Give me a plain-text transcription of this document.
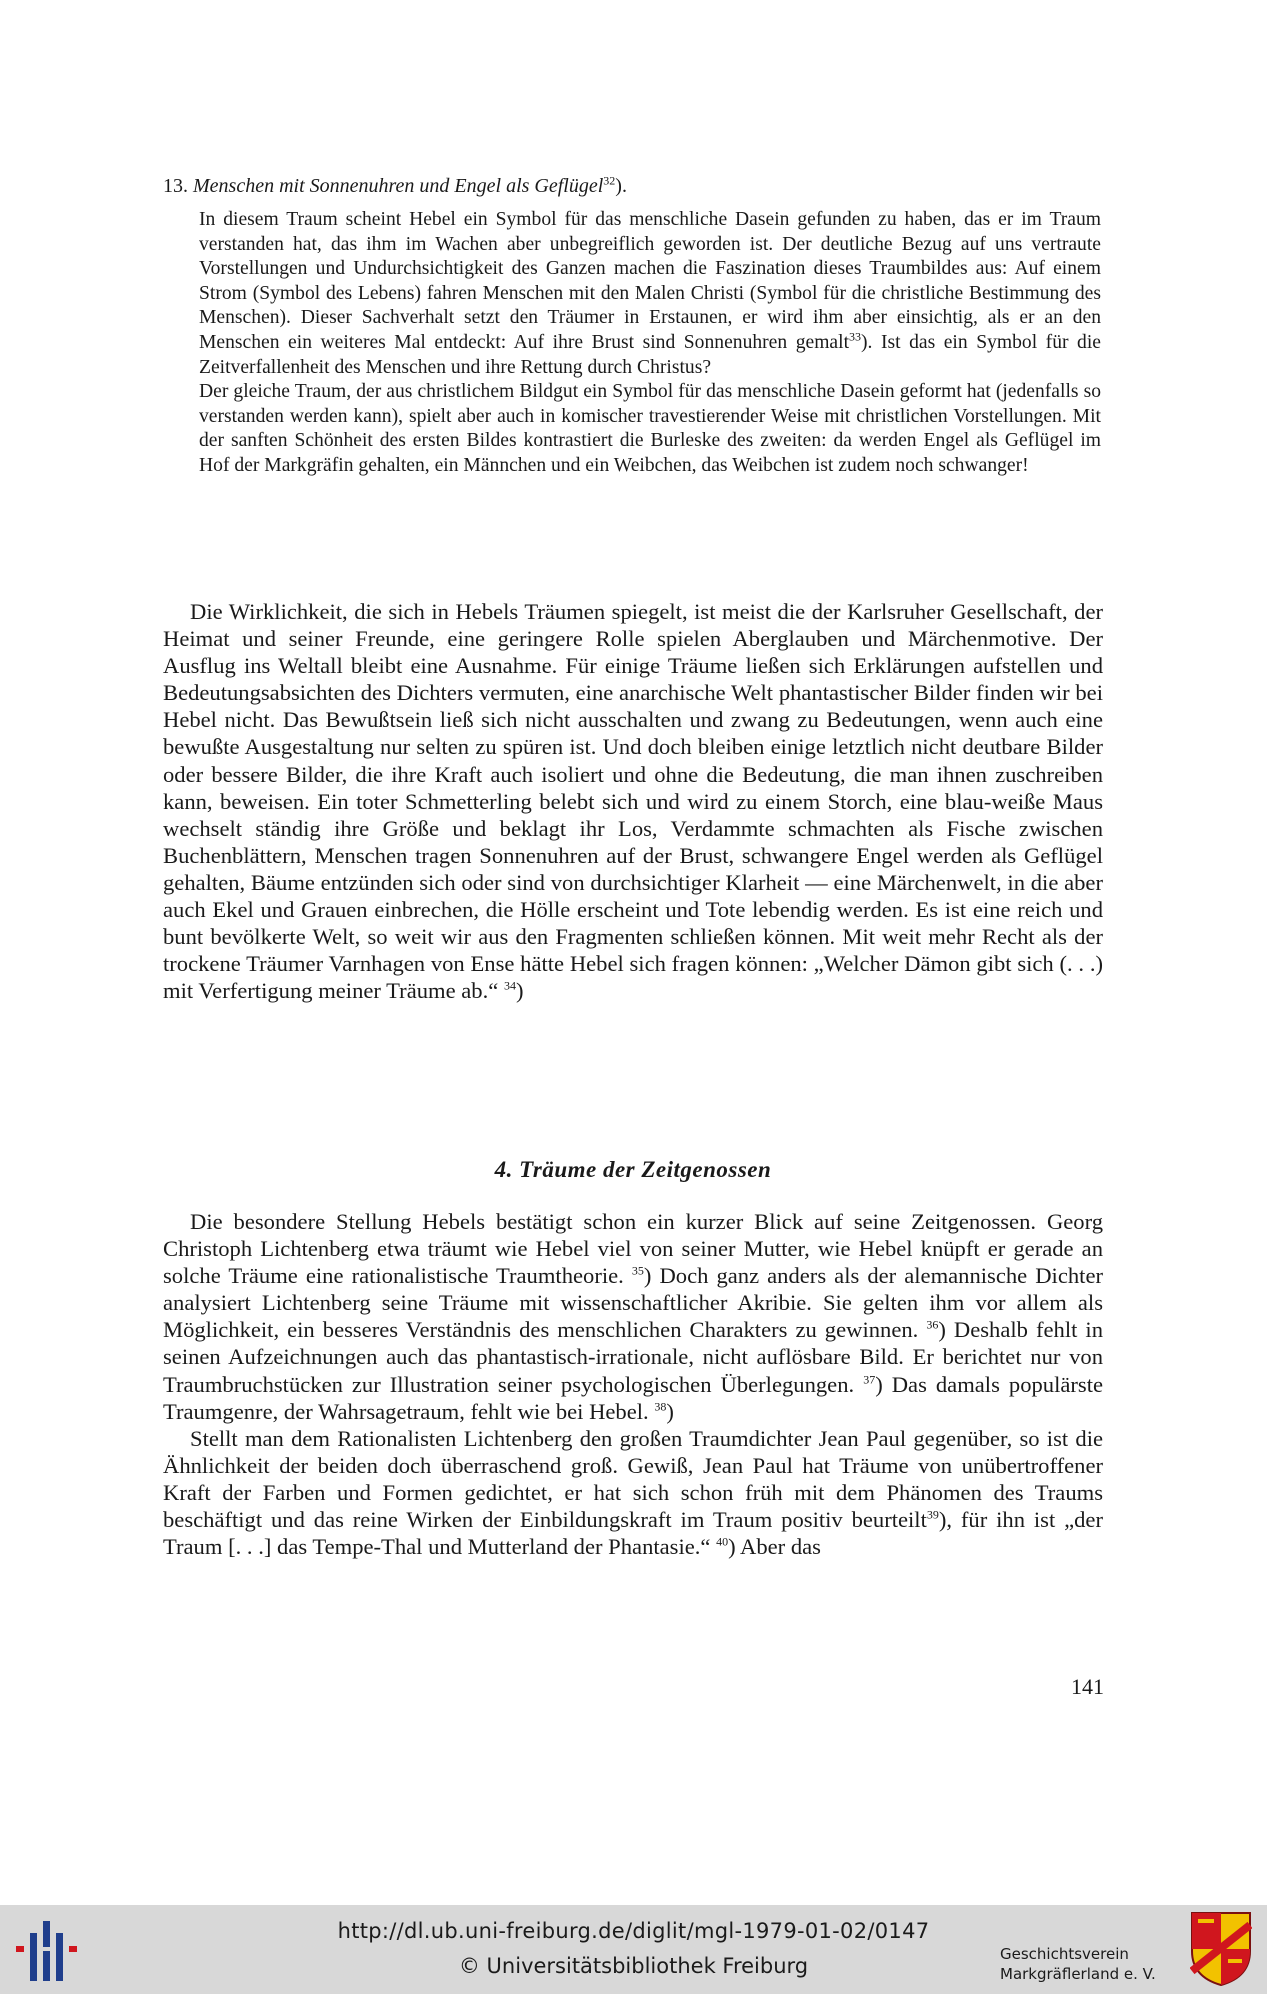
13. Menschen mit Sonnenuhren und Engel als Geflügel$^{32}$).

In diesem Traum scheint Hebel ein Symbol für das menschliche Dasein gefunden zu haben, das er im Traum verstanden hat, das ihm im Wachen aber unbegreiflich geworden ist. Der deutliche Bezug auf uns vertraute Vorstellungen und Undurchsichtigkeit des Ganzen machen die Faszination dieses Traumbildes aus: Auf einem Strom (Symbol des Lebens) fahren Menschen mit den Malen Christi (Symbol für die christliche Bestimmung des Menschen). Dieser Sachverhalt setzt den Träumer in Erstaunen, er wird ihm aber einsichtig, als er an den Menschen ein weiteres Mal entdeckt: Auf ihre Brust sind Sonnenuhren gemalt$^{33}$). Ist das ein Symbol für die Zeitverfallenheit des Menschen und ihre Rettung durch Christus?

Der gleiche Traum, der aus christlichem Bildgut ein Symbol für das menschliche Dasein geformt hat (jedenfalls so verstanden werden kann), spielt aber auch in komischer travestierender Weise mit christlichen Vorstellungen. Mit der sanften Schönheit des ersten Bildes kontrastiert die Burleske des zweiten: da werden Engel als Geflügel im Hof der Markgräfin gehalten, ein Männchen und ein Weibchen, das Weibchen ist zudem noch schwanger!

Die Wirklichkeit, die sich in Hebels Träumen spiegelt, ist meist die der Karlsruher Gesellschaft, der Heimat und seiner Freunde, eine geringere Rolle spielen Aberglauben und Märchenmotive. Der Ausflug ins Weltall bleibt eine Ausnahme. Für einige Träume ließen sich Erklärungen aufstellen und Bedeutungsabsichten des Dichters vermuten, eine anarchische Welt phantastischer Bilder finden wir bei Hebel nicht. Das Bewußtsein ließ sich nicht ausschalten und zwang zu Bedeutungen, wenn auch eine bewußte Ausgestaltung nur selten zu spüren ist. Und doch bleiben einige letztlich nicht deutbare Bilder oder bessere Bilder, die ihre Kraft auch isoliert und ohne die Bedeutung, die man ihnen zuschreiben kann, beweisen. Ein toter Schmetterling belebt sich und wird zu einem Storch, eine blau-weiße Maus wechselt ständig ihre Größe und beklagt ihr Los, Verdammte schmachten als Fische zwischen Buchenblättern, Menschen tragen Sonnenuhren auf der Brust, schwangere Engel werden als Geflügel gehalten, Bäume entzünden sich oder sind von durchsichtiger Klarheit — eine Märchenwelt, in die aber auch Ekel und Grauen einbrechen, die Hölle erscheint und Tote lebendig werden. Es ist eine reich und bunt bevölkerte Welt, so weit wir aus den Fragmenten schließen können. Mit weit mehr Recht als der trockene Träumer Varnhagen von Ense hätte Hebel sich fragen können: „Welcher Dämon gibt sich (. . .) mit Verfertigung meiner Träume ab.“ $^{34}$)

4. Träume der Zeitgenossen

Die besondere Stellung Hebels bestätigt schon ein kurzer Blick auf seine Zeitgenossen. Georg Christoph Lichtenberg etwa träumt wie Hebel viel von seiner Mutter, wie Hebel knüpft er gerade an solche Träume eine rationalistische Traumtheorie. $^{35}$) Doch ganz anders als der alemannische Dichter analysiert Lichtenberg seine Träume mit wissenschaftlicher Akribie. Sie gelten ihm vor allem als Möglichkeit, ein besseres Verständnis des menschlichen Charakters zu gewinnen. $^{36}$) Deshalb fehlt in seinen Aufzeichnungen auch das phantastisch-irrationale, nicht auflösbare Bild. Er berichtet nur von Traumbruchstücken zur Illustration seiner psychologischen Überlegungen. $^{37}$) Das damals populärste Traumgenre, der Wahrsagetraum, fehlt wie bei Hebel. $^{38}$)

Stellt man dem Rationalisten Lichtenberg den großen Traumdichter Jean Paul gegenüber, so ist die Ähnlichkeit der beiden doch überraschend groß. Gewiß, Jean Paul hat Träume von unübertroffener Kraft der Farben und Formen gedichtet, er hat sich schon früh mit dem Phänomen des Traums beschäftigt und das reine Wirken der Einbildungskraft im Traum positiv beurteilt$^{39}$), für ihn ist „der Traum [. . .] das Tempe-Thal und Mutterland der Phantasie.“ $^{40}$) Aber das

141
http://dl.ub.uni-freiburg.de/diglit/mgl-1979-01-02/0147
© Universitätsbibliothek Freiburg	Geschichtsverein
Markgräflerland e. V.
